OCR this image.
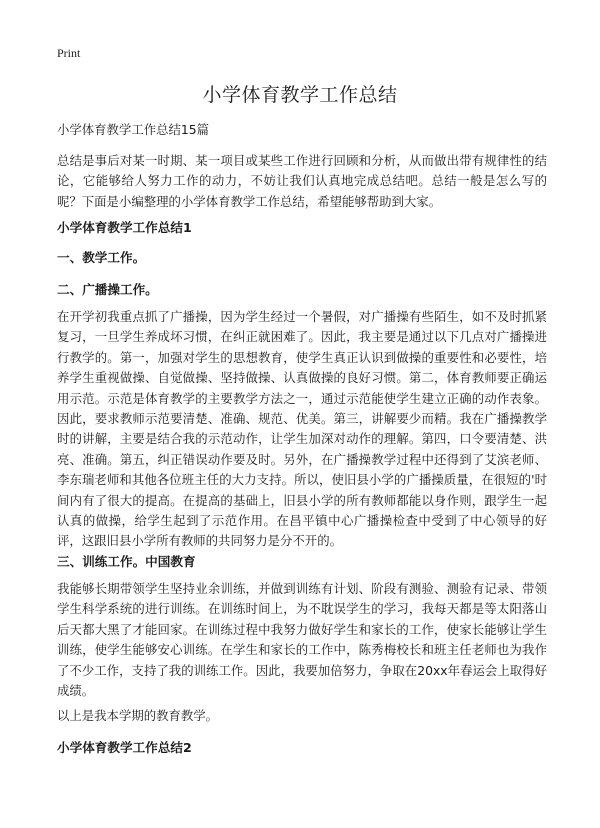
Print
小学体育教学工作总结

小学体育教学工作总结15篇

总结是事后对某一时期、某一项目或某些工作进行回顾和分析，从而做出带有规律性的结论，它能够给人努力工作的动力，不妨让我们认真地完成总结吧。总结一般是怎么写的呢？下面是小编整理的小学体育教学工作总结，希望能够帮助到大家。

小学体育教学工作总结1

一、教学工作。

二、广播操工作。

在开学初我重点抓了广播操，因为学生经过一个暑假，对广播操有些陌生，如不及时抓紧复习，一旦学生养成坏习惯，在纠正就困难了。因此，我主要是通过以下几点对广播操进行教学的。第一，加强对学生的思想教育，使学生真正认识到做操的重要性和必要性，培养学生重视做操、自觉做操、坚持做操、认真做操的良好习惯。第二，体育教师要正确运用示范。示范是体育教学的主要教学方法之一，通过示范能使学生建立正确的动作表象。因此，要求教师示范要清楚、准确、规范、优美。第三，讲解要少而精。我在广播操教学时的讲解，主要是结合我的示范动作，让学生加深对动作的理解。第四，口令要清楚、洪亮、准确。第五，纠正错误动作要及时。另外，在广播操教学过程中还得到了艾滨老师、李东瑞老师和其他各位班主任的大力支持。所以，使旧县小学的广播操质量，在很短的'时间内有了很大的提高。在提高的基础上，旧县小学的所有教师都能以身作则，跟学生一起认真的做操，给学生起到了示范作用。在昌平镇中心广播操检查中受到了中心领导的好评，这跟旧县小学所有教师的共同努力是分不开的。

三、训练工作。中国教育

我能够长期带领学生坚持业余训练，并做到训练有计划、阶段有测验、测验有记录、带领学生科学系统的进行训练。在训练时间上，为不耽误学生的学习，我每天都是等太阳落山后天都大黑了才能回家。在训练过程中我努力做好学生和家长的工作，使家长能够让学生训练，使学生能够安心训练。在学生和家长的工作中，陈秀梅校长和班主任老师也为我作了不少工作，支持了我的训练工作。因此，我要加倍努力，争取在20xx年春运会上取得好成绩。

以上是我本学期的教育教学。

小学体育教学工作总结2
